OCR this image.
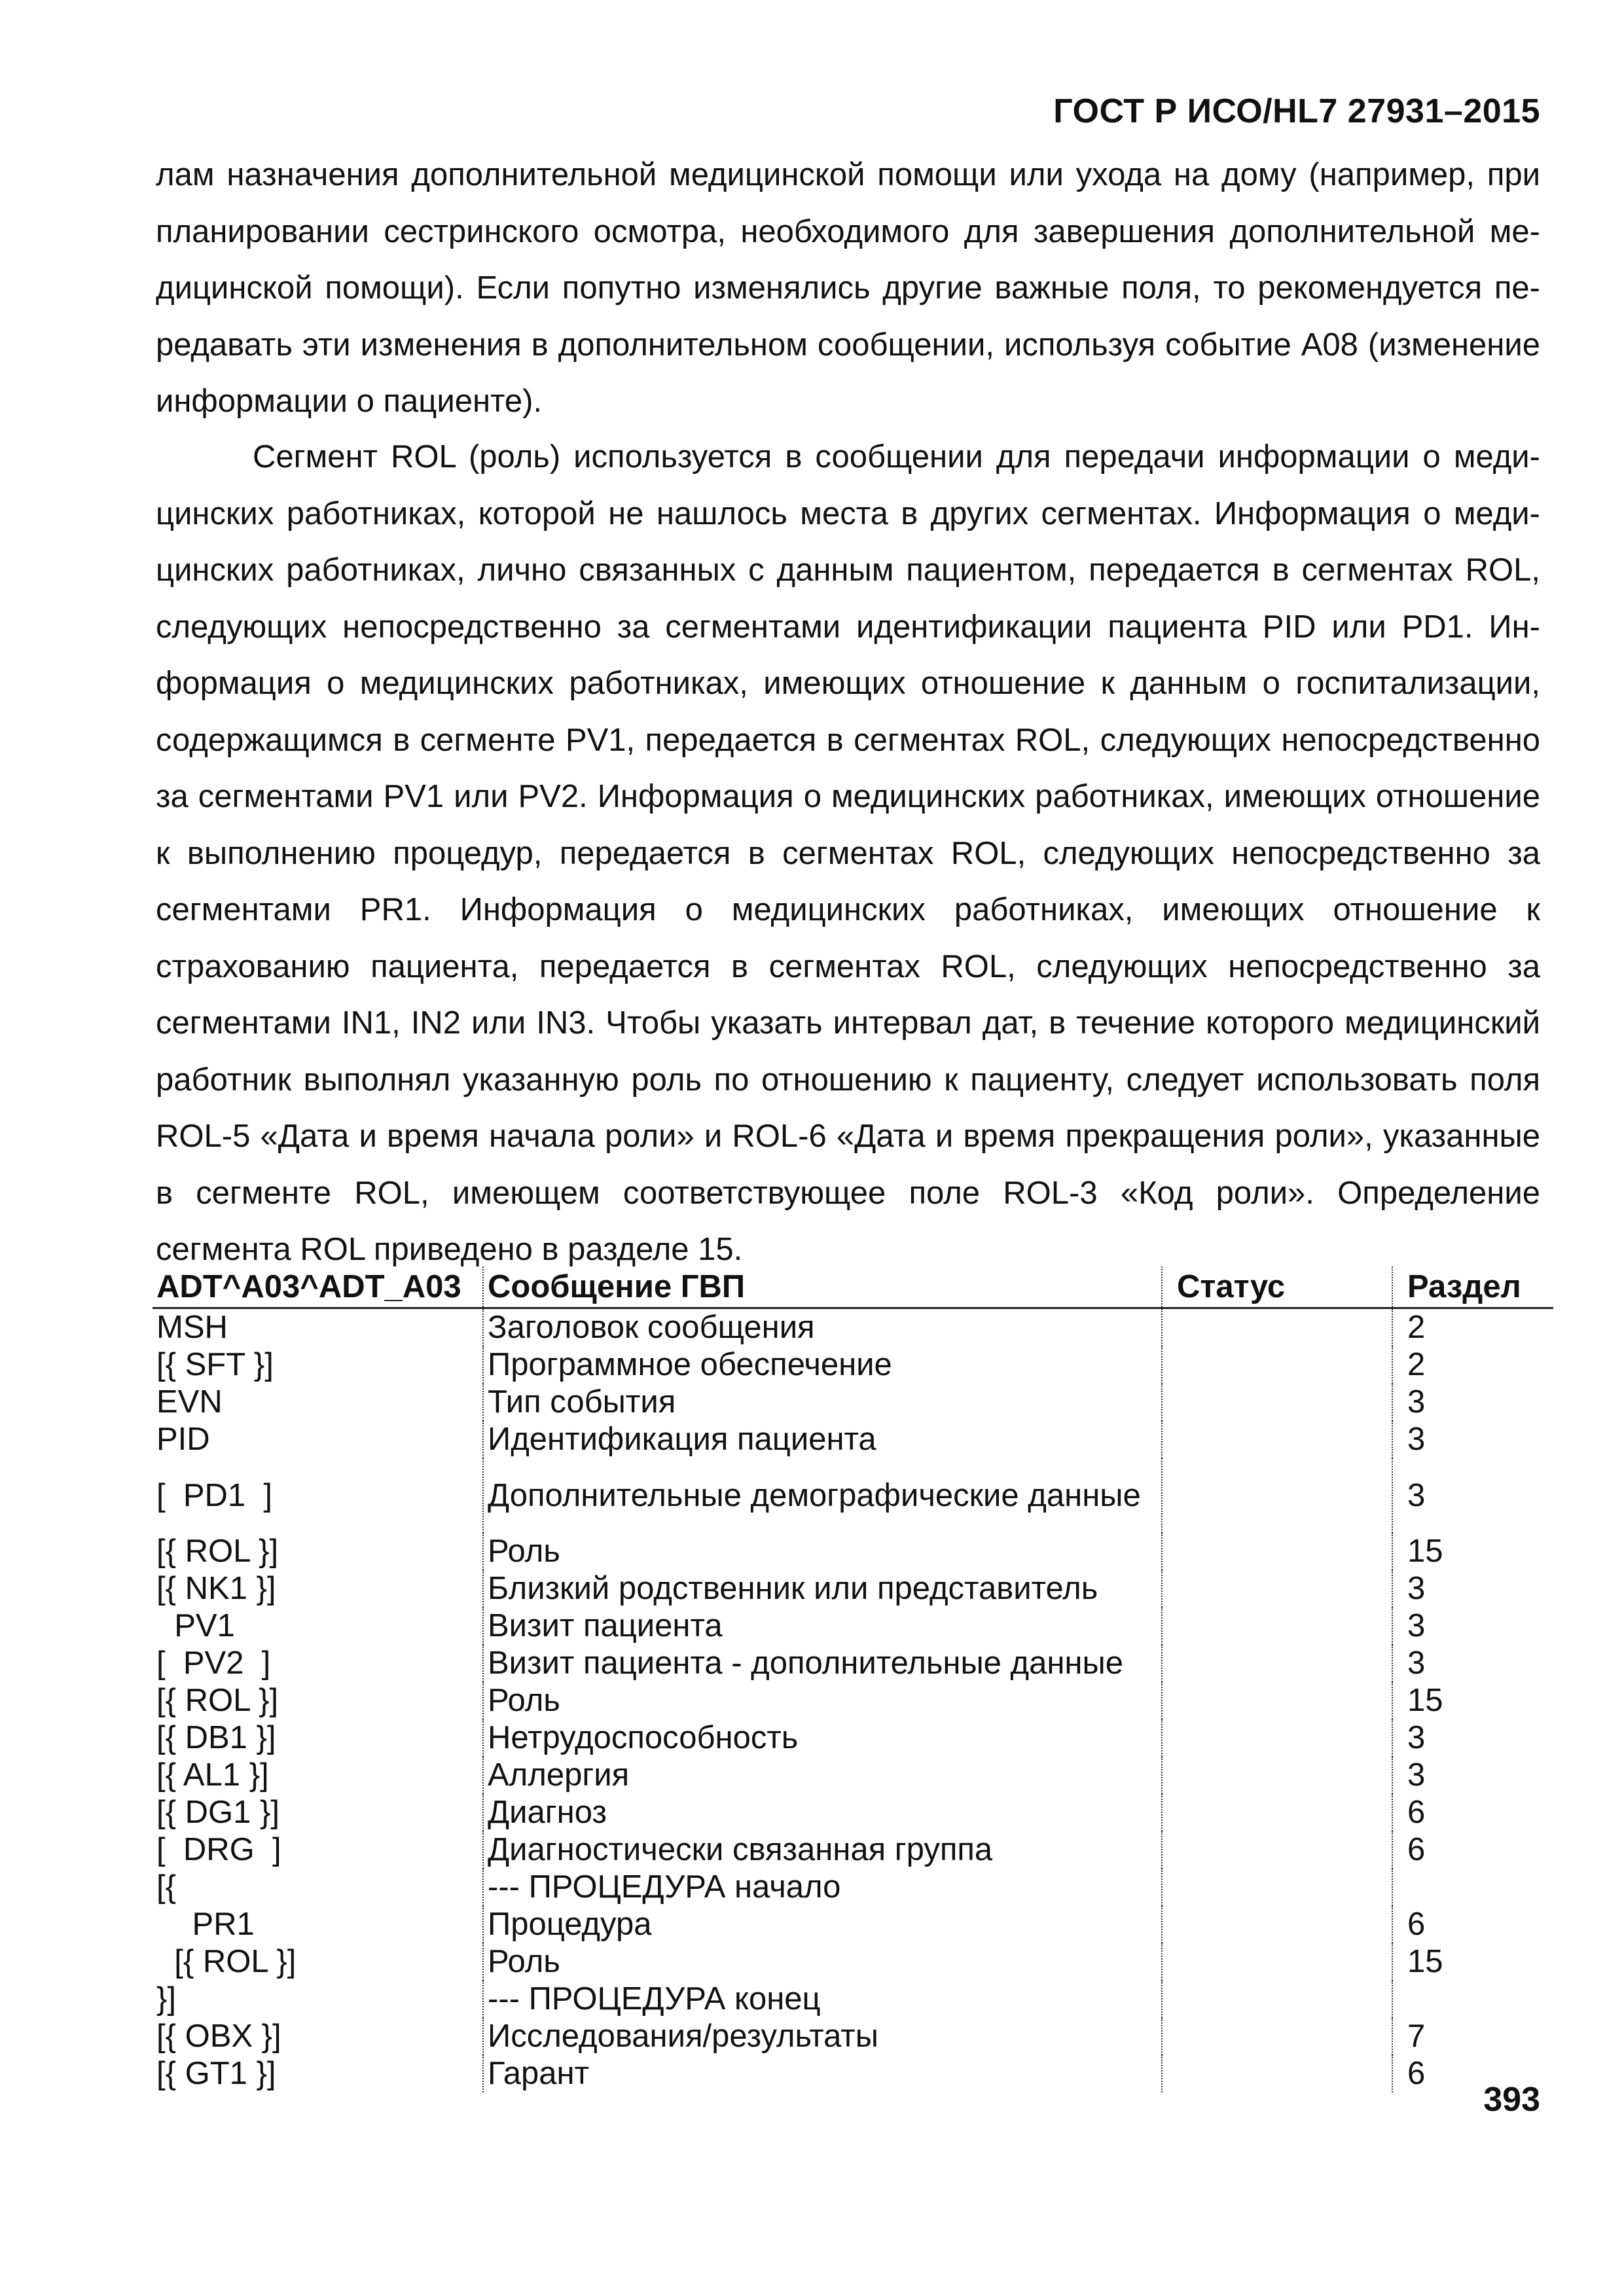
ГОСТ Р ИСО/HL7 27931–2015

лам назначения дополнительной медицинской помощи или ухода на дому (например, при планировании сестринского осмотра, необходимого для завершения дополнительной медицинской помощи). Если попутно изменялись другие важные поля, то рекомендуется передавать эти изменения в дополнительном сообщении, используя событие A08 (изменение информации о пациенте).

Сегмент ROL (роль) используется в сообщении для передачи информации о медицинских работниках, которой не нашлось места в других сегментах. Информация о медицинских работниках, лично связанных с данным пациентом, передается в сегментах ROL, следующих непосредственно за сегментами идентификации пациента PID или PD1. Информация о медицинских работниках, имеющих отношение к данным о госпитализации, содержащимся в сегменте PV1, передается в сегментах ROL, следующих непосредственно за сегментами PV1 или PV2. Информация о медицинских работниках, имеющих отношение к выполнению процедур, передается в сегментах ROL, следующих непосредственно за сегментами PR1. Информация о медицинских работниках, имеющих отношение к страхованию пациента, передается в сегментах ROL, следующих непосредственно за сегментами IN1, IN2 или IN3. Чтобы указать интервал дат, в течение которого медицинский работник выполнял указанную роль по отношению к пациенту, следует использовать поля ROL-5 «Дата и время начала роли» и ROL-6 «Дата и время прекращения роли», указанные в сегменте ROL, имеющем соответствующее поле ROL-3 «Код роли». Определение сегмента ROL приведено в разделе 15.

ADT^A03^ADT_A03	Сообщение ГВП	Статус	Раздел
MSH	Заголовок сообщения		2
[{ SFT }]	Программное обеспечение		2
EVN	Тип события		3
PID	Идентификация пациента		3
[  PD1  ]	Дополнительные демографические данные		3
[{ ROL }]	Роль		15
[{ NK1 }]	Близкий родственник или представитель		3
PV1	Визит пациента		3
[  PV2  ]	Визит пациента - дополнительные данные		3
[{ ROL }]	Роль		15
[{ DB1 }]	Нетрудоспособность		3
[{ AL1 }]	Аллергия		3
[{ DG1 }]	Диагноз		6
[  DRG  ]	Диагностически связанная группа		6
[{	--- ПРОЦЕДУРА начало		
PR1	Процедура		6
[{ ROL }]	Роль		15
}]	--- ПРОЦЕДУРА конец		
[{ OBX }]	Исследования/результаты		7
[{ GT1 }]	Гарант		6
393
